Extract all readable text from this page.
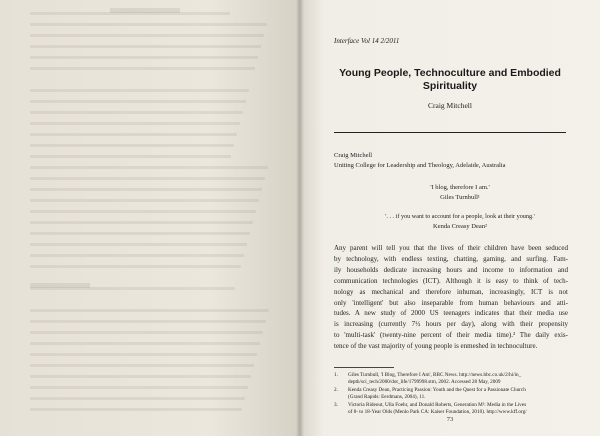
Interface Vol 14 2/2011
Young People, Technoculture and Embodied
Spirituality
Craig Mitchell
Craig Mitchell
Uniting College for Leadership and Theology, Adelaide, Australia
'I blog, therefore I am.'
Giles Turnbull¹
'. . . if you want to account for a people, look at their young.'
Kenda Creasy Dean²
Any parent will tell you that the lives of their children have been seduced
by technology, with endless texting, chatting, gaming, and surfing. Fam-
ily households dedicate increasing hours and income to information and
communication technologies (ICT). Although it is easy to think of tech-
nology as mechanical and therefore inhuman, increasingly, ICT is not
only 'intelligent' but also inseparable from human behaviours and atti-
tudes. A new study of 2000 US teenagers indicates that their media use
is increasing (currently 7½ hours per day), along with their propensity
to 'multi-task' (twenty-nine percent of their media time).³ The daily exis-
tence of the vast majority of young people is enmeshed in technoculture.
1. Giles Turnbull, 'I Blog, Therefore I Am', BBC News. http://news.bbc.co.uk/2/hi/in_
depth/sci_tech/2000/dot_life/1799998.stm, 2002. Accessed 28 May, 2009
2. Kenda Creasy Dean, Practicing Passion: Youth and the Quest for a Passionate Church
(Grand Rapids: Eerdmans, 2004), 11.
3. Victoria Rideout, Ulla Foehr, and Donald Roberts, Generation M²: Media in the Lives
of 8- to 18-Year Olds (Menlo Park CA: Kaiser Foundation, 2010). http://www.kff.org/
73
